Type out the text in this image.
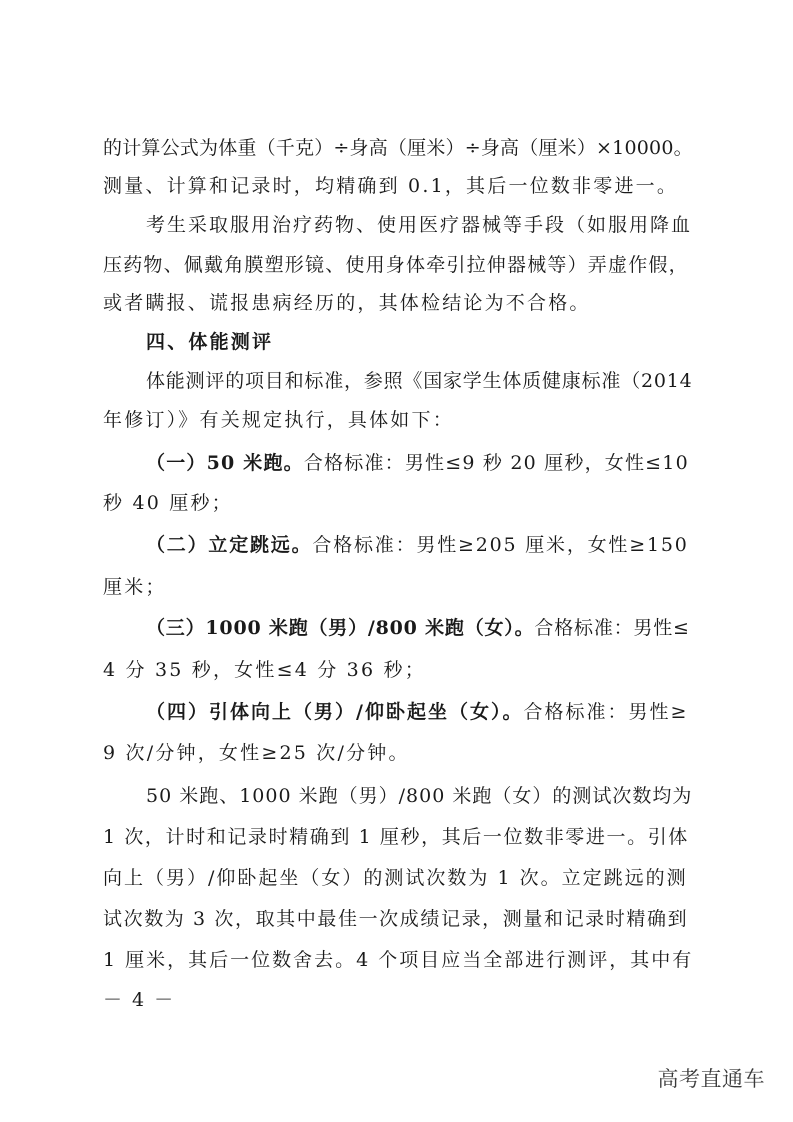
的计算公式为体重（千克）÷身高（厘米）÷身高（厘米）×10000。
测量、计算和记录时，均精确到 0.1，其后一位数非零进一。
考生采取服用治疗药物、使用医疗器械等手段（如服用降血
压药物、佩戴角膜塑形镜、使用身体牵引拉伸器械等）弄虚作假，
或者瞒报、谎报患病经历的，其体检结论为不合格。
四、体能测评
体能测评的项目和标准，参照《国家学生体质健康标准（2014
年修订）》有关规定执行，具体如下：
（一）50 米跑。合格标准：男性≤9 秒 20 厘秒，女性≤10
秒 40 厘秒；
（二）立定跳远。合格标准：男性≥205 厘米，女性≥150
厘米；
（三）1000 米跑（男）/800 米跑（女）。合格标准：男性≤
4 分 35 秒，女性≤4 分 36 秒；
（四）引体向上（男）/仰卧起坐（女）。合格标准：男性≥
9 次/分钟，女性≥25 次/分钟。
50 米跑、1000 米跑（男）/800 米跑（女）的测试次数均为
1 次，计时和记录时精确到 1 厘秒，其后一位数非零进一。引体
向上（男）/仰卧起坐（女）的测试次数为 1 次。立定跳远的测
试次数为 3 次，取其中最佳一次成绩记录，测量和记录时精确到
1 厘米，其后一位数舍去。4 个项目应当全部进行测评，其中有
－ 4 －
高考直通车
